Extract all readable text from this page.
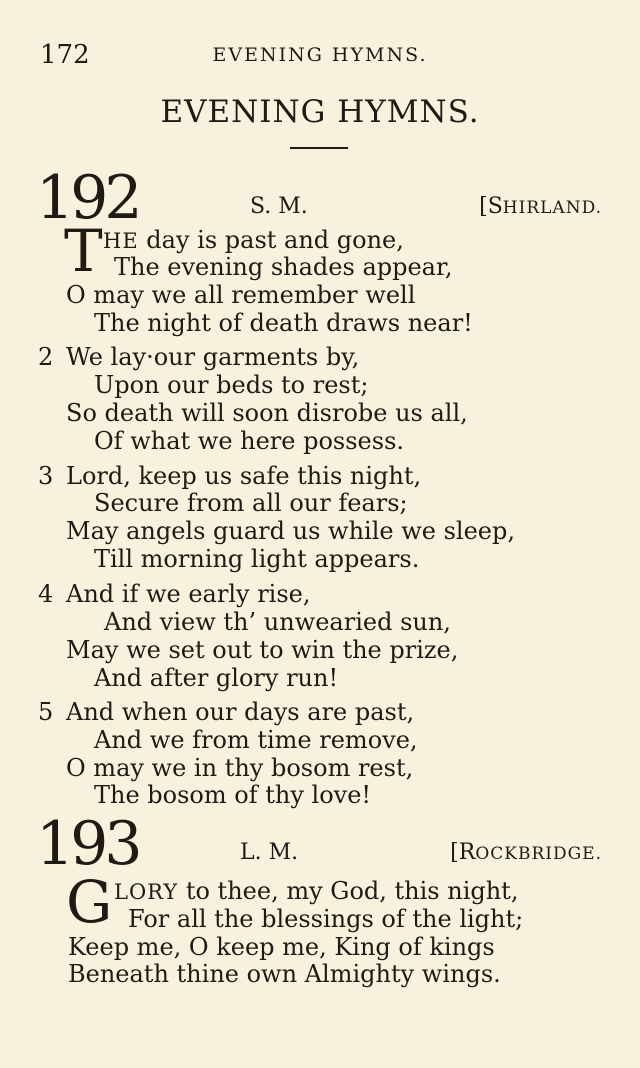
172	EVENING HYMNS.
EVENING HYMNS.
192	S. M.	[SHIRLAND.
T HE day is past and gone,
The evening shades appear,
O may we all remember well
The night of death draws near!
2 We lay·our garments by,
Upon our beds to rest;
So death will soon disrobe us all,
Of what we here possess.
3 Lord, keep us safe this night,
Secure from all our fears;
May angels guard us while we sleep,
Till morning light appears.
4 And if we early rise,
And view th’ unwearied sun,
May we set out to win the prize,
And after glory run!
5 And when our days are past,
And we from time remove,
O may we in thy bosom rest,
The bosom of thy love!
193	L. M.	[ROCKBRIDGE.
G LORY to thee, my God, this night,
For all the blessings of the light;
Keep me, O keep me, King of kings
Beneath thine own Almighty wings.
